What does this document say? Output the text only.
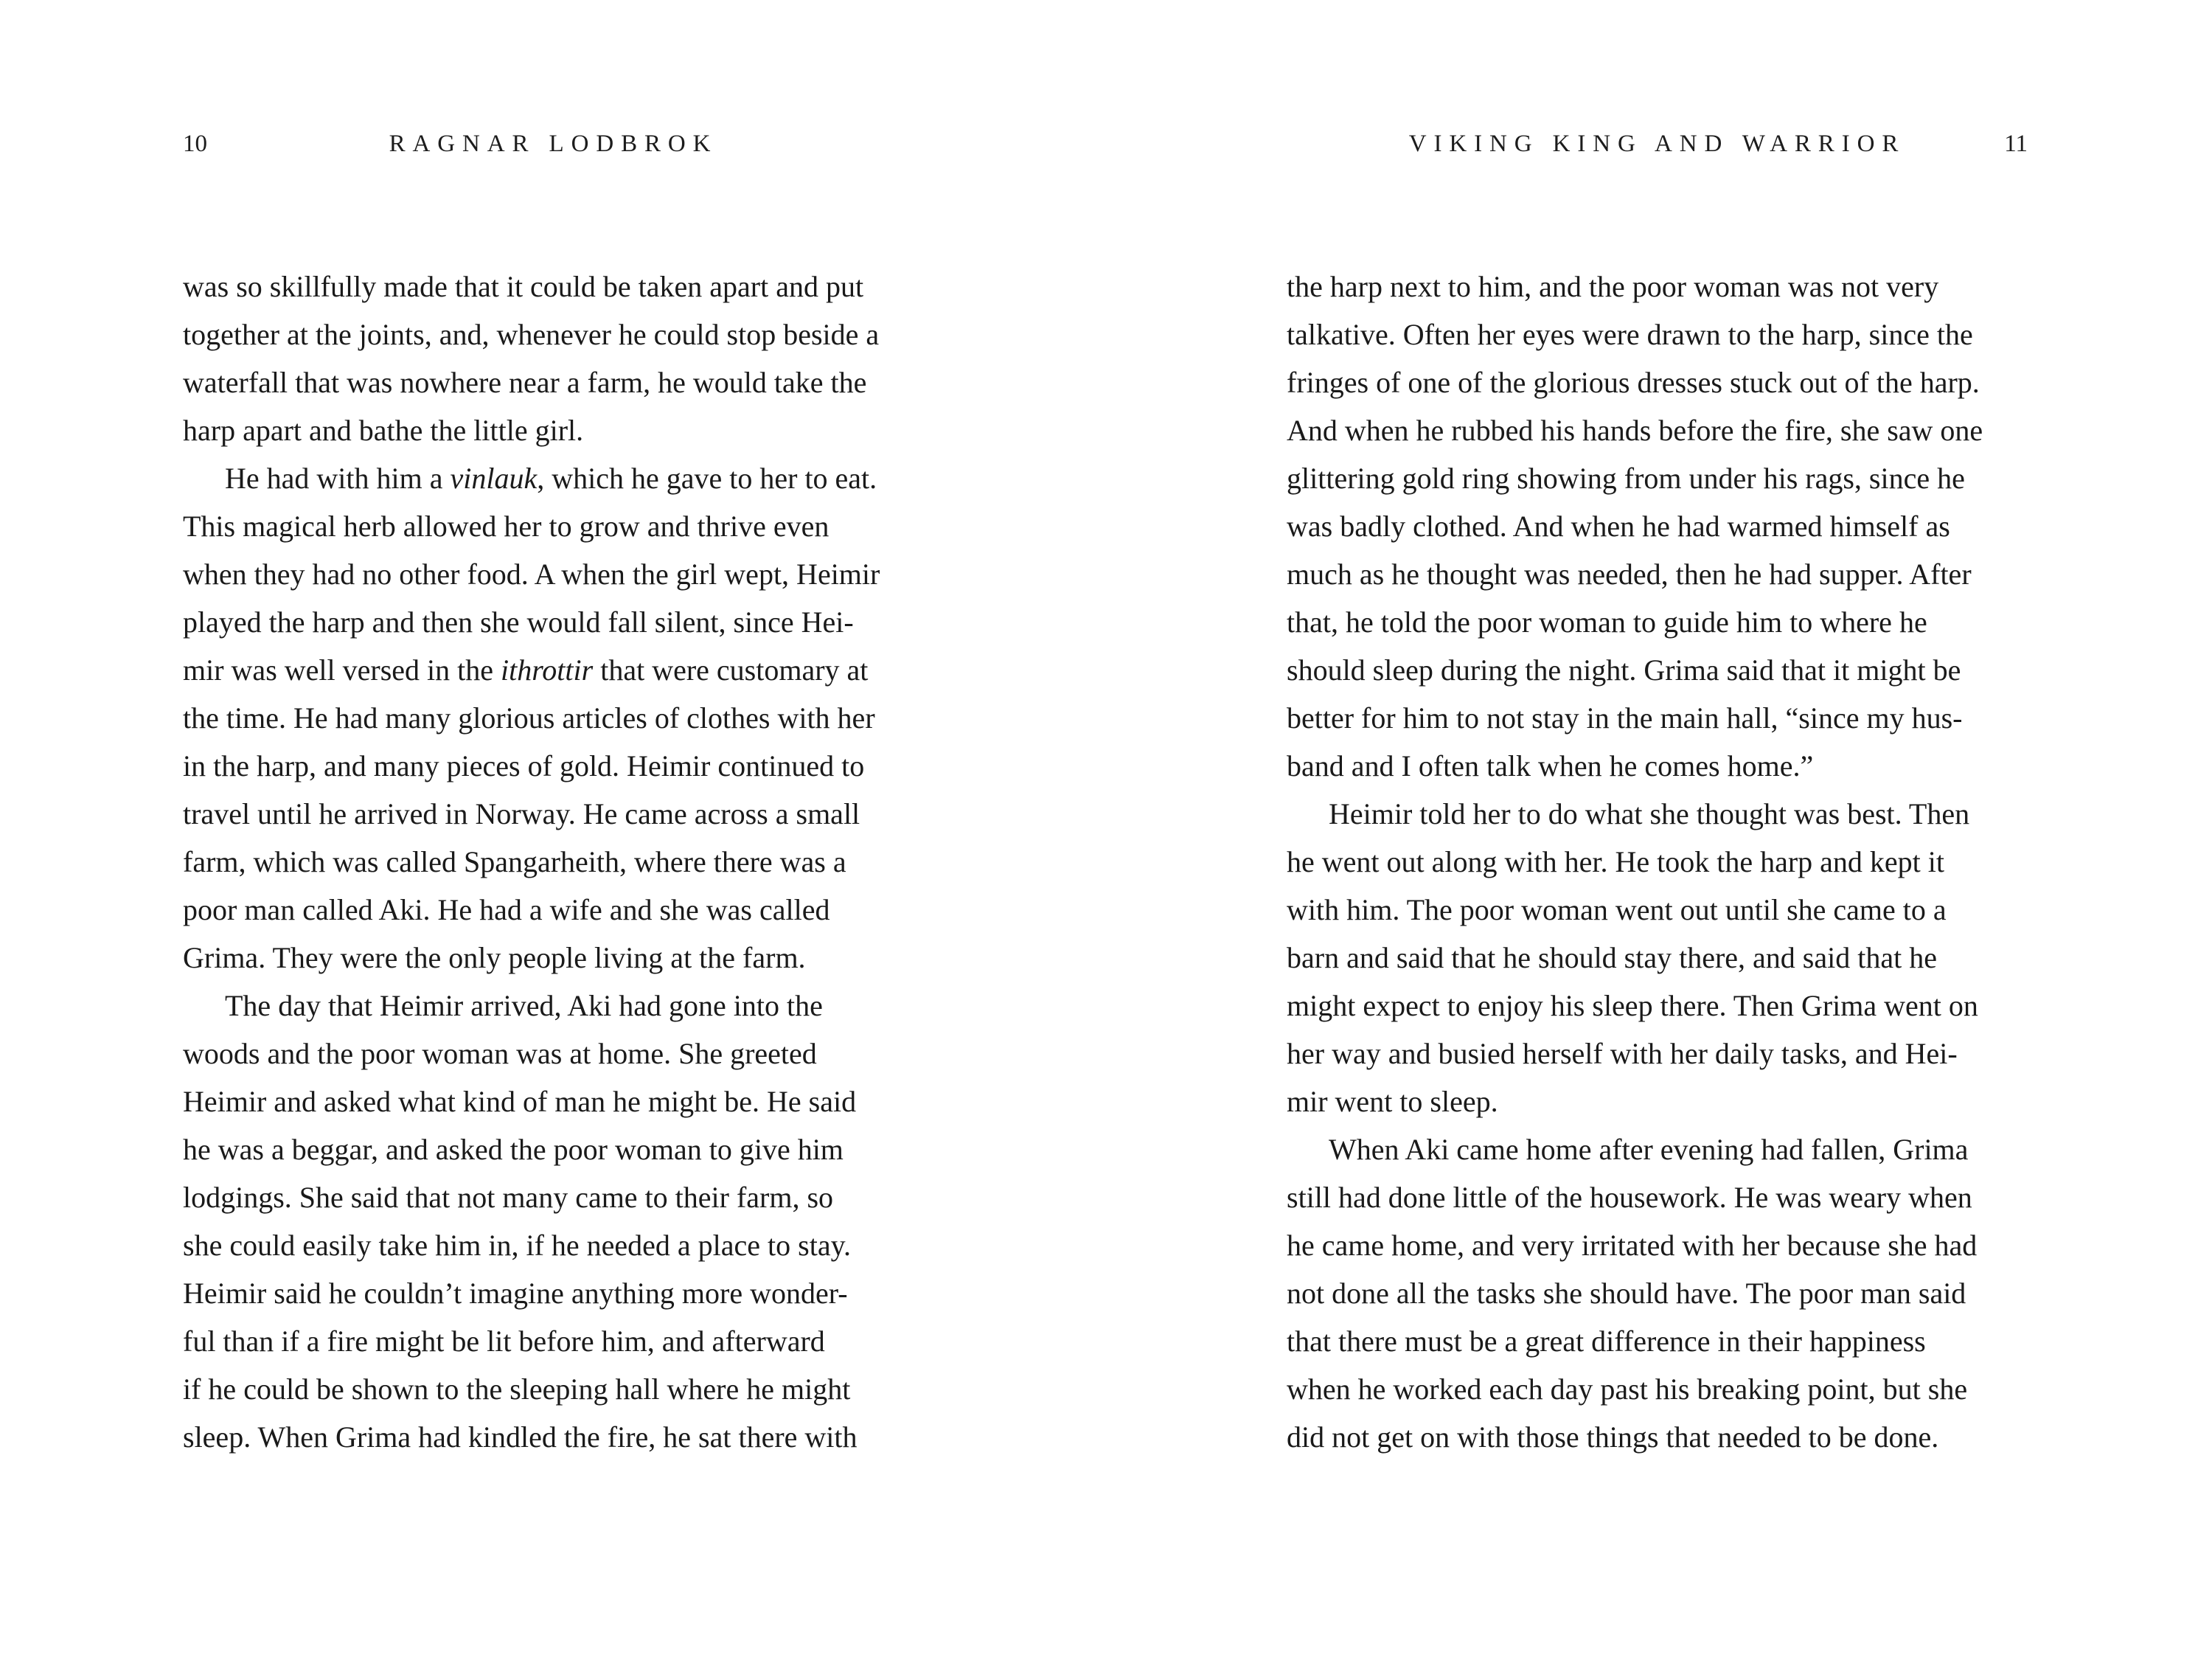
10	RAGNAR LODBROK
was so skillfully made that it could be taken apart and put
together at the joints, and, whenever he could stop beside a
waterfall that was nowhere near a farm, he would take the
harp apart and bathe the little girl.
He had with him a vinlauk, which he gave to her to eat.
This magical herb allowed her to grow and thrive even
when they had no other food. A when the girl wept, Heimir
played the harp and then she would fall silent, since Hei-
mir was well versed in the ithrottir that were customary at
the time. He had many glorious articles of clothes with her
in the harp, and many pieces of gold. Heimir continued to
travel until he arrived in Norway. He came across a small
farm, which was called Spangarheith, where there was a
poor man called Aki. He had a wife and she was called
Grima. They were the only people living at the farm.
The day that Heimir arrived, Aki had gone into the
woods and the poor woman was at home. She greeted
Heimir and asked what kind of man he might be. He said
he was a beggar, and asked the poor woman to give him
lodgings. She said that not many came to their farm, so
she could easily take him in, if he needed a place to stay.
Heimir said he couldn’t imagine anything more wonder-
ful than if a fire might be lit before him, and afterward
if he could be shown to the sleeping hall where he might
sleep. When Grima had kindled the fire, he sat there with
VIKING KING AND WARRIOR	11
the harp next to him, and the poor woman was not very
talkative. Often her eyes were drawn to the harp, since the
fringes of one of the glorious dresses stuck out of the harp.
And when he rubbed his hands before the fire, she saw one
glittering gold ring showing from under his rags, since he
was badly clothed. And when he had warmed himself as
much as he thought was needed, then he had supper. After
that, he told the poor woman to guide him to where he
should sleep during the night. Grima said that it might be
better for him to not stay in the main hall, “since my hus-
band and I often talk when he comes home.”
Heimir told her to do what she thought was best. Then
he went out along with her. He took the harp and kept it
with him. The poor woman went out until she came to a
barn and said that he should stay there, and said that he
might expect to enjoy his sleep there. Then Grima went on
her way and busied herself with her daily tasks, and Hei-
mir went to sleep.
When Aki came home after evening had fallen, Grima
still had done little of the housework. He was weary when
he came home, and very irritated with her because she had
not done all the tasks she should have. The poor man said
that there must be a great difference in their happiness
when he worked each day past his breaking point, but she
did not get on with those things that needed to be done.
